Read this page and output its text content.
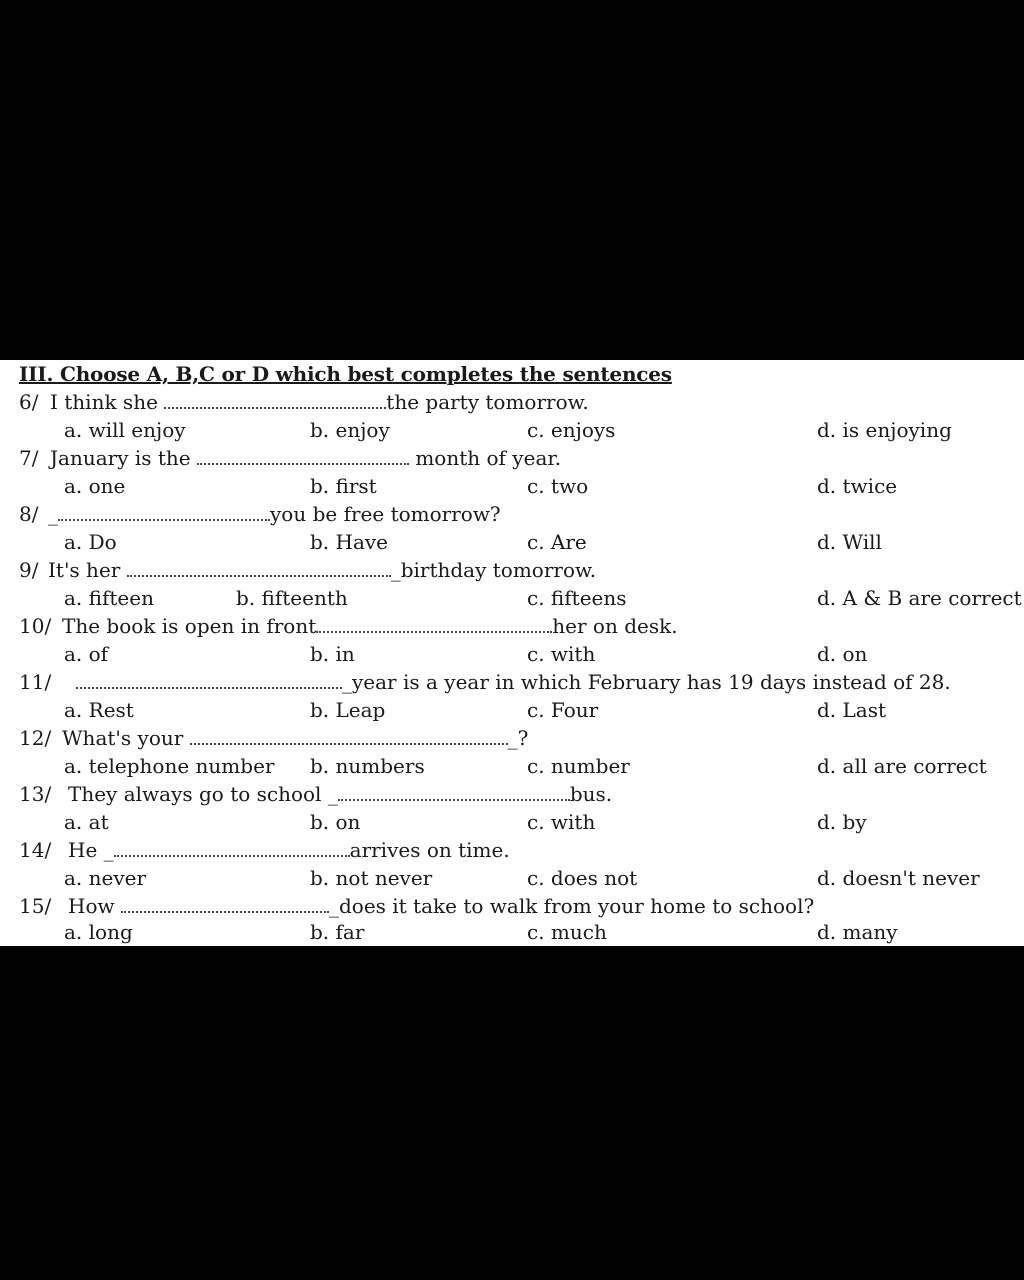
III. Choose A, B,C or D which best completes the sentences
6/ I think she	the party tomorrow.
a. will enjoy	b. enjoy	c. enjoys	d. is enjoying
7/ January is the	month of year.
a. one	b. first	c. two	d. twice
8/ _	you be free tomorrow?
a. Do	b. Have	c. Are	d. Will
9/ It's her	_birthday tomorrow.
a. fifteen	b. fifteenth	c. fifteens	d. A & B are correct
10/ The book is open in front	her on desk.
a. of	b. in	c. with	d. on
11/	_year is a year in which February has 19 days instead of 28.
a. Rest	b. Leap	c. Four	d. Last
12/ What's your	_?
a. telephone number b. numbers	c. number	d. all are correct
13/ They always go to school _	bus.
a. at	b. on	c. with	d. by
14/ He _	arrives on time.
a. never	b. not never	c. does not	d. doesn't never
15/ How	_does it take to walk from your home to school?
a. long	b. far	c. much	d. many
